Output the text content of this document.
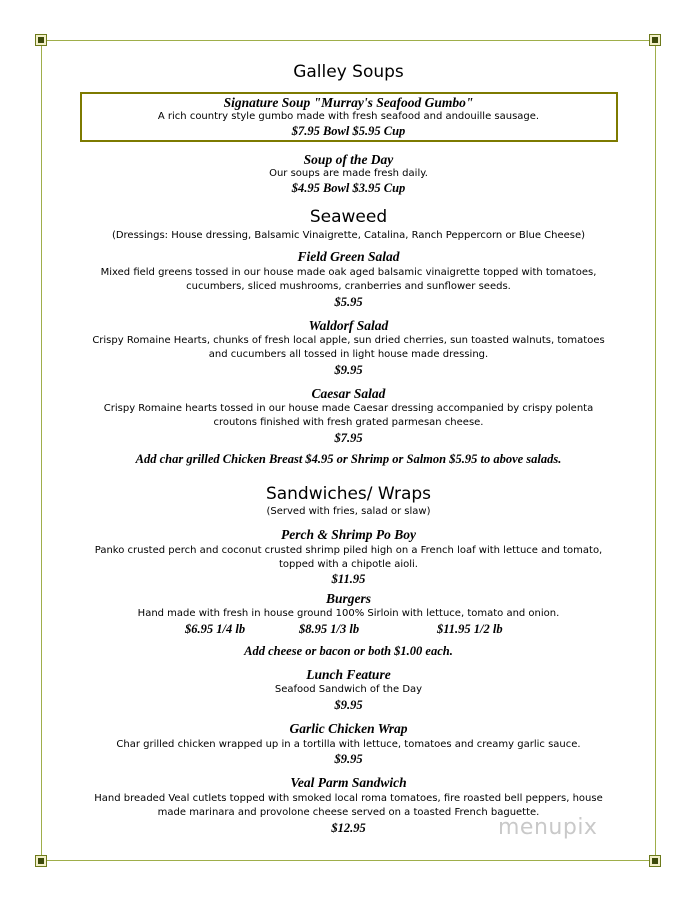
Galley Soups
Signature Soup "Murray's Seafood Gumbo"
A rich country style gumbo made with fresh seafood and andouille sausage.
$7.95 Bowl $5.95 Cup
Soup of the Day
Our soups are made fresh daily.
$4.95 Bowl $3.95 Cup
Seaweed
(Dressings: House dressing, Balsamic Vinaigrette, Catalina, Ranch Peppercorn or Blue Cheese)
Field Green Salad
Mixed field greens tossed in our house made oak aged balsamic vinaigrette topped with tomatoes,
cucumbers, sliced mushrooms, cranberries and sunflower seeds.
$5.95
Waldorf Salad
Crispy Romaine Hearts, chunks of fresh local apple, sun dried cherries, sun toasted walnuts, tomatoes
and cucumbers all tossed in light house made dressing.
$9.95
Caesar Salad
Crispy Romaine hearts tossed in our house made Caesar dressing accompanied by crispy polenta
croutons finished with fresh grated parmesan cheese.
$7.95
Add char grilled Chicken Breast $4.95 or Shrimp or Salmon $5.95 to above salads.
Sandwiches/ Wraps
(Served with fries, salad or slaw)
Perch & Shrimp Po Boy
Panko crusted perch and coconut crusted shrimp piled high on a French loaf with lettuce and tomato,
topped with a chipotle aioli.
$11.95
Burgers
Hand made with fresh in house ground 100% Sirloin with lettuce, tomato and onion.
$6.95 1/4 lb	$8.95 1/3 lb	$11.95 1/2 lb
Add cheese or bacon or both $1.00 each.
Lunch Feature
Seafood Sandwich of the Day
$9.95
Garlic Chicken Wrap
Char grilled chicken wrapped up in a tortilla with lettuce, tomatoes and creamy garlic sauce.
$9.95
Veal Parm Sandwich
Hand breaded Veal cutlets topped with smoked local roma tomatoes, fire roasted bell peppers, house
made marinara and provolone cheese served on a toasted French baguette.
$12.95	menupix
